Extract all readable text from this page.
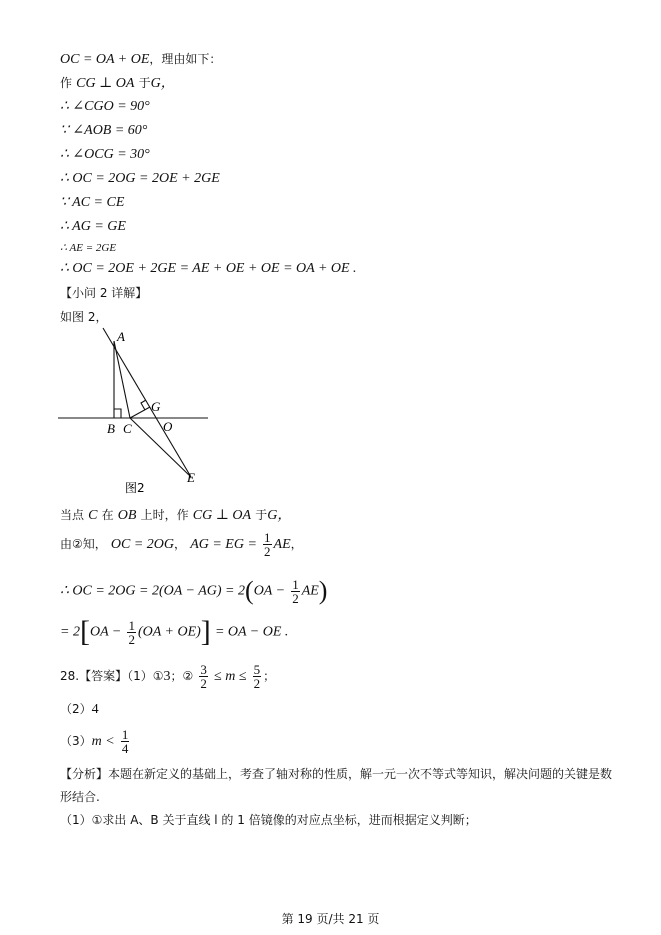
OC = OA + OE，理由如下：
作 CG ⊥ OA 于G，
∴ ∠CGO = 90°
∵ ∠AOB = 60°
∴ ∠OCG = 30°
∴ OC = 2OG = 2OE + 2GE
∵ AC = CE
∴ AG = GE
∴ AE = 2GE
∴ OC = 2OE + 2GE = AE + OE + OE = OA + OE .
【小问 2 详解】
如图 2，
A
B C
G
O
E
图2
当点 C 在 OB 上时，作 CG ⊥ OA 于G，
由②知， OC = 2OG， AG = EG = $\frac{1}{2}$ AE，
∴ OC = $2OG = 2(OA - AG) = 2(OA - \frac{1}{2} AE)$
= $2[OA - \frac{1}{2} (OA + OE)]$ = OA − OE .
28.【答案】（1）①3；② $\frac{3}{2} \le m \le \frac{5}{2}$ ；
（2）4
$(3)m < \frac{1}{4}$
【分析】本题在新定义的基础上，考查了轴对称的性质，解一元一次不等式等知识，解决问题的关键是数
形结合.
（1）①求出 A、B 关于直线 l 的 1 倍镜像的对应点坐标，进而根据定义判断；
第 19 页/共 21 页
